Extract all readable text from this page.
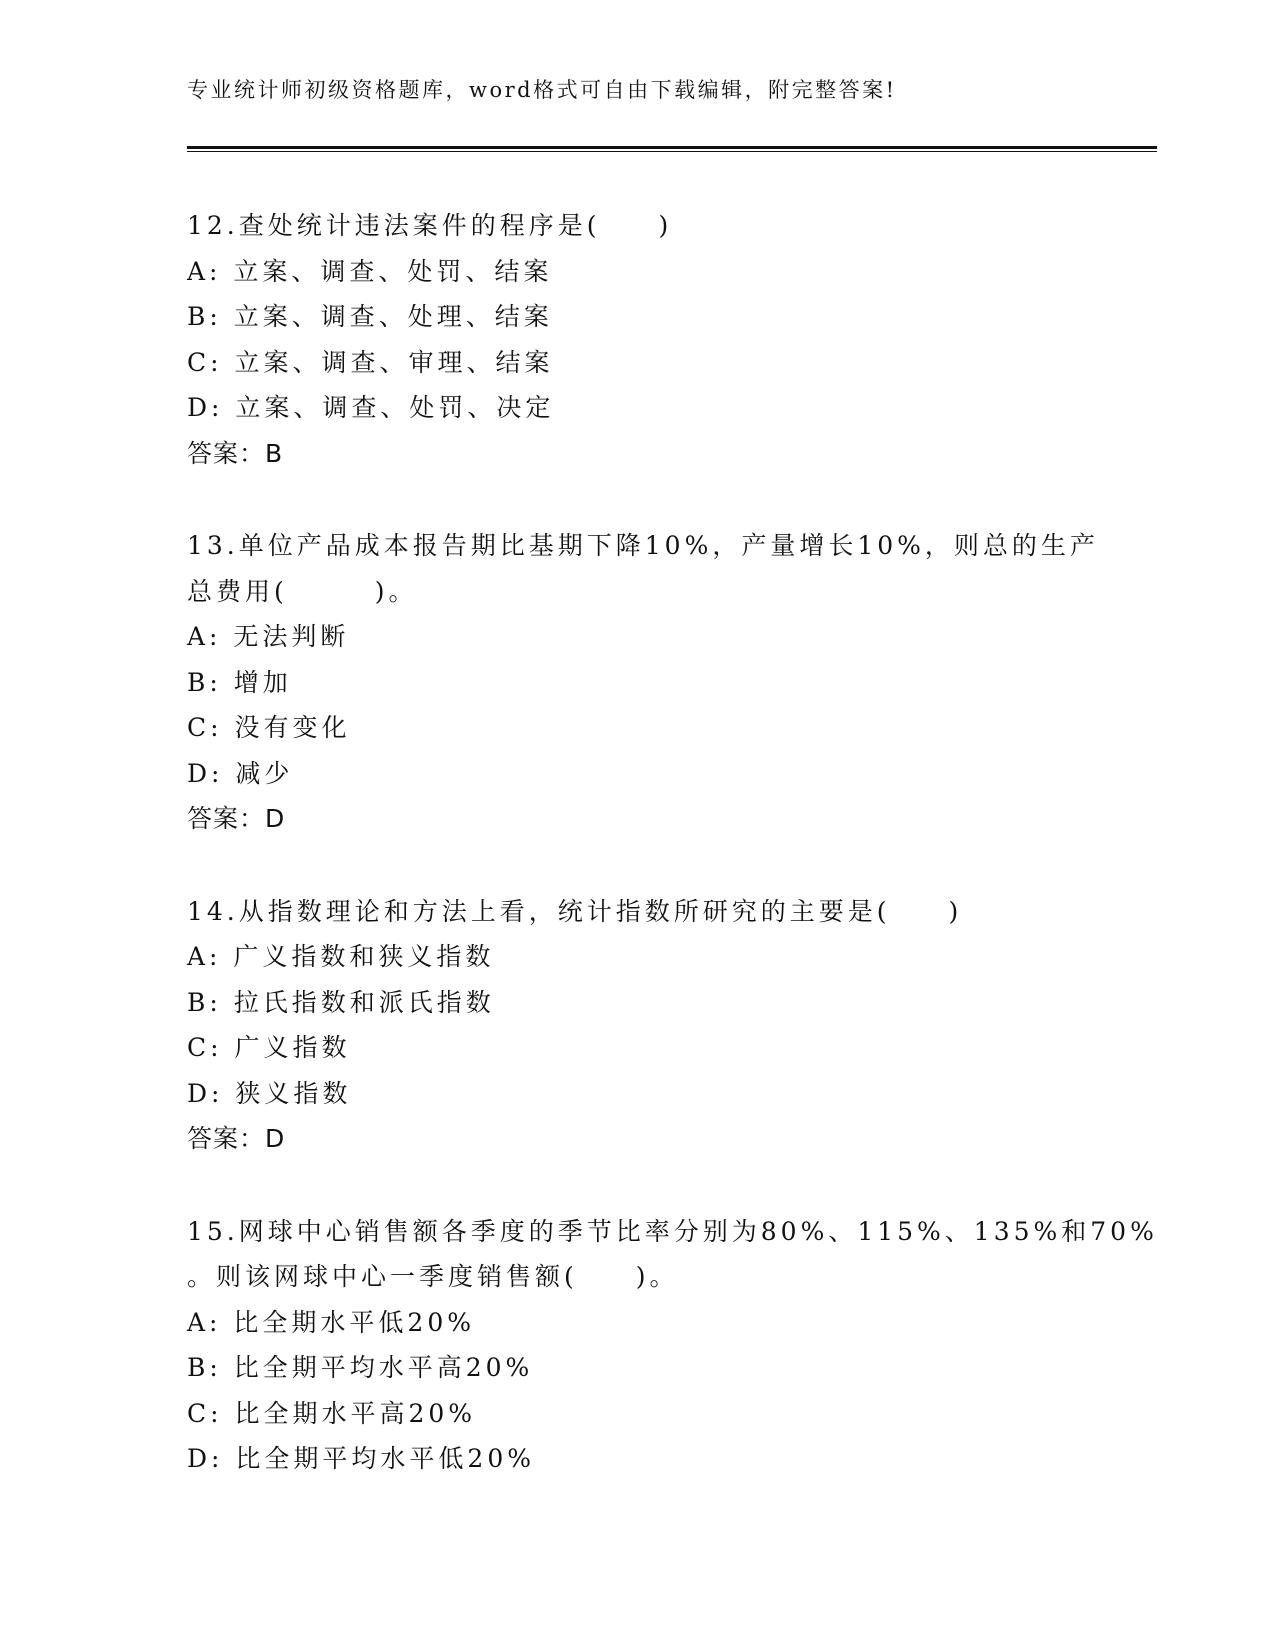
专业统计师初级资格题库，word格式可自由下载编辑，附完整答案!
12.查处统计违法案件的程序是(　　)
A: 立案、调查、处罚、结案
B: 立案、调查、处理、结案
C: 立案、调查、审理、结案
D: 立案、调查、处罚、决定
答案：B
13.单位产品成本报告期比基期下降10%，产量增长10%，则总的生产
总费用(　　　)。
A: 无法判断
B: 增加
C: 没有变化
D: 减少
答案：D
14.从指数理论和方法上看，统计指数所研究的主要是(　　)
A: 广义指数和狭义指数
B: 拉氏指数和派氏指数
C: 广义指数
D: 狭义指数
答案：D
15.网球中心销售额各季度的季节比率分别为80%、115%、135%和70%
。则该网球中心一季度销售额(　　)。
A: 比全期水平低20%
B: 比全期平均水平高20%
C: 比全期水平高20%
D: 比全期平均水平低20%
